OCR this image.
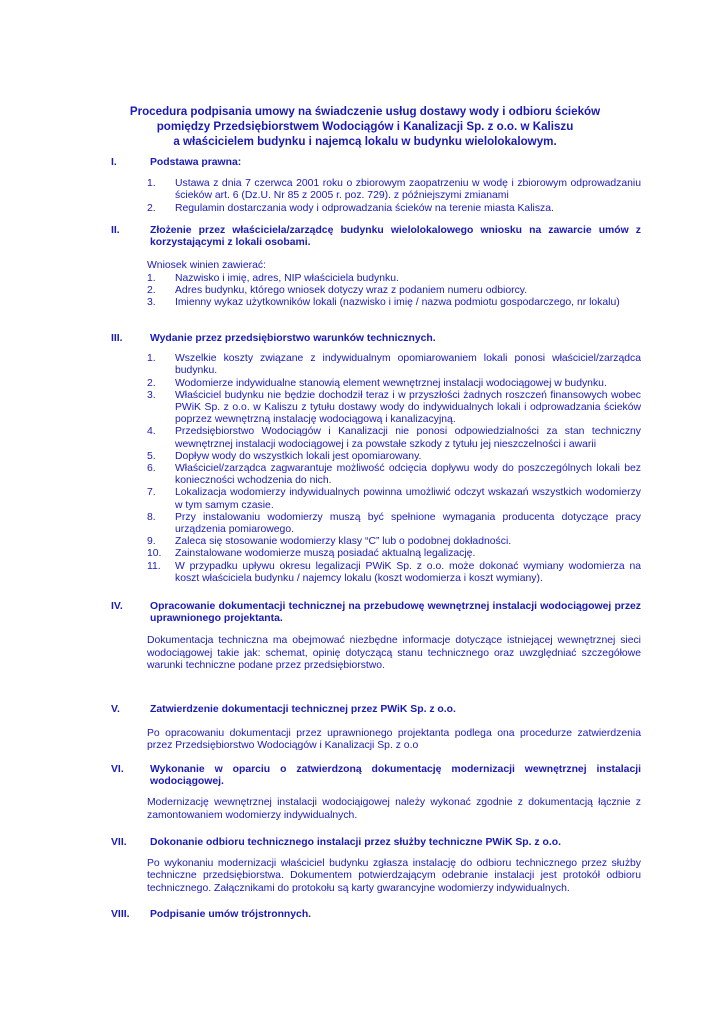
Procedura podpisania umowy na świadczenie usług dostawy wody i odbioru ścieków
pomiędzy Przedsiębiorstwem Wodociągów i Kanalizacji Sp. z o.o. w Kaliszu
a właścicielem budynku i najemcą lokalu w budynku wielolokalowym.
I.	Podstawa prawna:
1. Ustawa z dnia 7 czerwca 2001 roku o zbiorowym zaopatrzeniu w wodę i zbiorowym odprowadzaniu ścieków art. 6 (Dz.U. Nr 85 z 2005 r. poz. 729). z późniejszymi zmianami
2. Regulamin dostarczania wody i odprowadzania ścieków na terenie miasta Kalisza.
II.	Złożenie przez właściciela/zarządcę budynku wielolokalowego wniosku na zawarcie umów z korzystającymi z lokali osobami.

Wniosek winien zawierać:

1. Nazwisko i imię, adres, NIP właściciela budynku.
2. Adres budynku, którego wniosek dotyczy wraz z podaniem numeru odbiorcy.
3. Imienny wykaz użytkowników lokali (nazwisko i imię / nazwa podmiotu gospodarczego, nr lokalu)
III.	Wydanie przez przedsiębiorstwo warunków technicznych.
1. Wszelkie koszty związane z indywidualnym opomiarowaniem lokali ponosi właściciel/zarządca budynku.
2. Wodomierze indywidualne stanowią element wewnętrznej instalacji wodociągowej w budynku.
3. Właściciel budynku nie będzie dochodził teraz i w przyszłości żadnych roszczeń finansowych wobec PWiK Sp. z o.o. w Kaliszu z tytułu dostawy wody do indywidualnych lokali i odprowadzania ścieków poprzez wewnętrzną instalację wodociągową i kanalizacyjną.
4. Przedsiębiorstwo Wodociągów i Kanalizacji nie ponosi odpowiedzialności za stan techniczny wewnętrznej instalacji wodociągowej i za powstałe szkody z tytułu jej nieszczelności i awarii
5. Dopływ wody do wszystkich lokali jest opomiarowany.
6. Właściciel/zarządca zagwarantuje możliwość odcięcia dopływu wody do poszczególnych lokali bez konieczności wchodzenia do nich.
7. Lokalizacja wodomierzy indywidualnych powinna umożliwić odczyt wskazań wszystkich wodomierzy w tym samym czasie.
8. Przy instalowaniu wodomierzy muszą być spełnione wymagania producenta dotyczące pracy urządzenia pomiarowego.
9. Zaleca się stosowanie wodomierzy klasy “C” lub o podobnej dokładności.
10. Zainstalowane wodomierze muszą posiadać aktualną legalizację.
11. W przypadku upływu okresu legalizacji PWiK Sp. z o.o. może dokonać wymiany wodomierza na koszt właściciela budynku / najemcy lokalu (koszt wodomierza i koszt wymiany).
IV.	Opracowanie dokumentacji technicznej na przebudowę wewnętrznej instalacji wodociągowej przez uprawnionego projektanta.

Dokumentacja techniczna ma obejmować niezbędne informacje dotyczące istniejącej wewnętrznej sieci wodociągowej takie jak: schemat, opinię dotyczącą stanu technicznego oraz uwzględniać szczegółowe warunki techniczne podane przez przedsiębiorstwo.

V.	Zatwierdzenie dokumentacji technicznej przez PWiK Sp. z o.o.

Po opracowaniu dokumentacji przez uprawnionego projektanta podlega ona procedurze zatwierdzenia przez Przedsiębiorstwo Wodociągów i Kanalizacji Sp. z o.o

VI.	Wykonanie w oparciu o zatwierdzoną dokumentację modernizacji wewnętrznej instalacji wodociągowej.

Modernizację wewnętrznej instalacji wodociąigowej należy wykonać zgodnie z dokumentacją łącznie z zamontowaniem wodomierzy indywidualnych.

VII. Dokonanie odbioru technicznego instalacji przez służby techniczne PWiK Sp. z o.o.

Po wykonaniu modernizacji właściciel budynku zgłasza instalację do odbioru technicznego przez służby techniczne przedsiębiorstwa. Dokumentem potwierdzającym odebranie instalacji jest protokół odbioru technicznego. Załącznikami do protokołu są karty gwarancyjne wodomierzy indywidualnych.

VIII. Podpisanie umów trójstronnych.
